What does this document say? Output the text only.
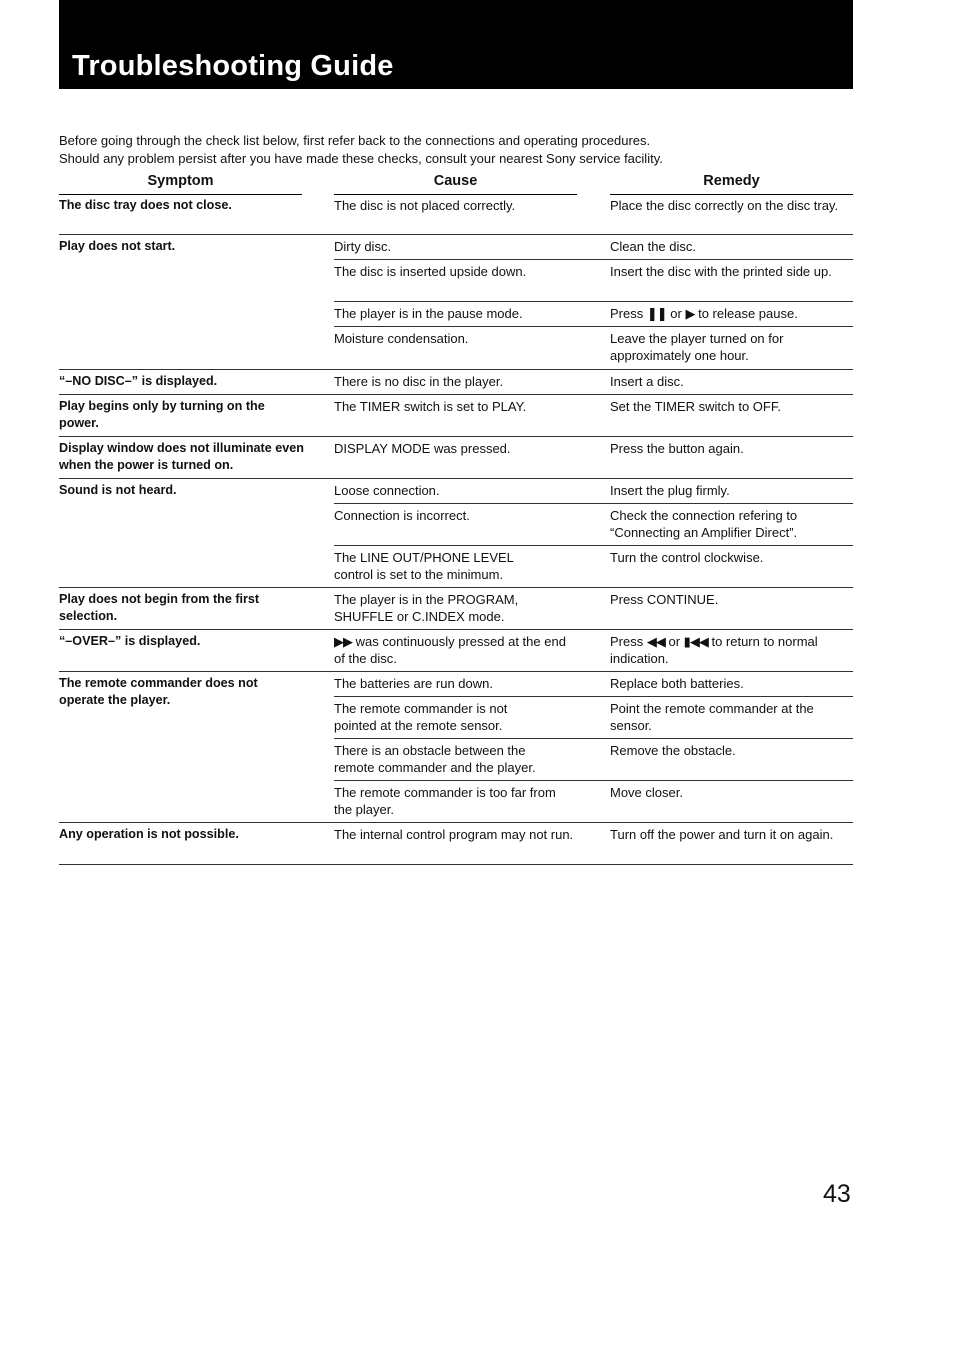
Troubleshooting Guide

Before going through the check list below, first refer back to the connections and operating procedures.

Should any problem persist after you have made these checks, consult your nearest Sony service facility.

Symptom	Cause	Remedy
The disc tray does not close.
Play does not start.
“–NO DISC–” is displayed.
Play begins only by turning on the power.
Display window does not illuminate even when the power is turned on.
Sound is not heard.
Play does not begin from the first selection.
“–OVER–” is displayed.
The remote commander does not operate the player.
Any operation is not possible.
The disc is not placed correctly.
Dirty disc.
The disc is inserted upside down.
The player is in the pause mode.
Moisture condensation.
There is no disc in the player.
The TIMER switch is set to PLAY.
DISPLAY MODE was pressed.
Loose connection.
Connection is incorrect.
The LINE OUT/PHONE LEVEL control is set to the minimum.
The player is in the PROGRAM, SHUFFLE or C.INDEX mode.
▶▶ was continuously pressed at the end of the disc.
The batteries are run down.
The remote commander is not pointed at the remote sensor.
There is an obstacle between the remote commander and the player.
The remote commander is too far from the player.
The internal control program may not run.
Place the disc correctly on the disc tray.
Clean the disc.
Insert the disc with the printed side up.
Press ❚❚ or ▶ to release pause.
Leave the player turned on for approximately one hour.
Insert a disc.
Set the TIMER switch to OFF.
Press the button again.
Insert the plug firmly.
Check the connection refering to “Connecting an Amplifier Direct”.
Turn the control clockwise.
Press CONTINUE.
Press ◀◀ or ▮◀◀ to return to normal indication.
Replace both batteries.
Point the remote commander at the sensor.
Remove the obstacle.
Move closer.
Turn off the power and turn it on again.
43
